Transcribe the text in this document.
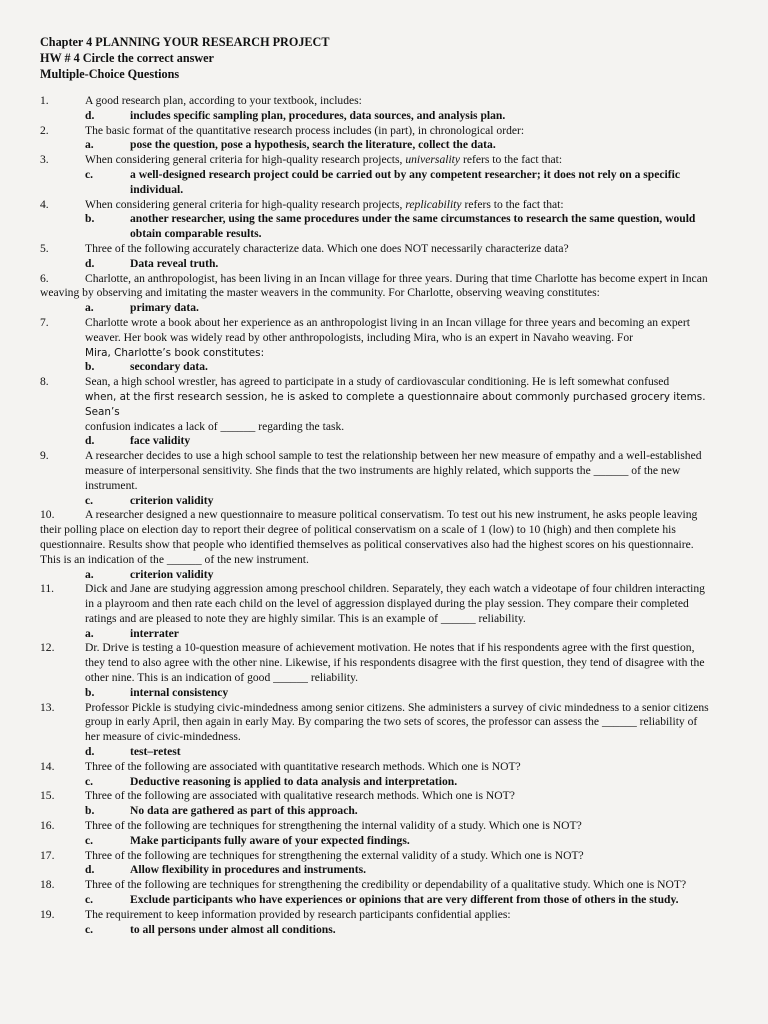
Chapter 4 PLANNING YOUR RESEARCH PROJECT
HW # 4 Circle the correct answer
Multiple-Choice Questions
1.	A good research plan, according to your textbook, includes:
d.	includes specific sampling plan, procedures, data sources, and analysis plan.
2.	The basic format of the quantitative research process includes (in part), in chronological order:
a.	pose the question, pose a hypothesis, search the literature, collect the data.
3.	When considering general criteria for high-quality research projects, universality refers to the fact that:
c.	a well-designed research project could be carried out by any competent researcher; it does not rely on a specific individual.
4.	When considering general criteria for high-quality research projects, replicability refers to the fact that:
b.	another researcher, using the same procedures under the same circumstances to research the same question, would obtain comparable results.
5.	Three of the following accurately characterize data. Which one does NOT necessarily characterize data?
d.	Data reveal truth.
6.	Charlotte, an anthropologist, has been living in an Incan village for three years. During that time Charlotte has become expert in Incan weaving by observing and imitating the master weavers in the community. For Charlotte, observing weaving constitutes:
a.	primary data.
7.	Charlotte wrote a book about her experience as an anthropologist living in an Incan village for three years and becoming an expert weaver. Her book was widely read by other anthropologists, including Mira, who is an expert in Navaho weaving. For
Mira, Charlotte’s book constitutes:
b.	secondary data.
8.	Sean, a high school wrestler, has agreed to participate in a study of cardiovascular conditioning. He is left somewhat confused
when, at the first research session, he is asked to complete a questionnaire about commonly purchased grocery items. Sean’s
confusion indicates a lack of ______ regarding the task.
d.	face validity
9.	A researcher decides to use a high school sample to test the relationship between her new measure of empathy and a well-established measure of interpersonal sensitivity. She finds that the two instruments are highly related, which supports the ______ of the new instrument.
c.	criterion validity
10.	A researcher designed a new questionnaire to measure political conservatism. To test out his new instrument, he asks people leaving their polling place on election day to report their degree of political conservatism on a scale of 1 (low) to 10 (high) and then complete his questionnaire. Results show that people who identified themselves as political conservatives also had the highest scores on his questionnaire. This is an indication of the ______ of the new instrument.
a.	criterion validity
11.	Dick and Jane are studying aggression among preschool children. Separately, they each watch a videotape of four children interacting in a playroom and then rate each child on the level of aggression displayed during the play session. They compare their completed ratings and are pleased to note they are highly similar. This is an example of ______ reliability.
a.	interrater
12.	Dr. Drive is testing a 10-question measure of achievement motivation. He notes that if his respondents agree with the first question, they tend to also agree with the other nine. Likewise, if his respondents disagree with the first question, they tend of disagree with the other nine. This is an indication of good ______ reliability.
b.	internal consistency
13.	Professor Pickle is studying civic-mindedness among senior citizens. She administers a survey of civic mindedness to a senior citizens group in early April, then again in early May. By comparing the two sets of scores, the professor can assess the ______ reliability of her measure of civic-mindedness.
d.	test–retest
14.	Three of the following are associated with quantitative research methods. Which one is NOT?
c.	Deductive reasoning is applied to data analysis and interpretation.
15.	Three of the following are associated with qualitative research methods. Which one is NOT?
b.	No data are gathered as part of this approach.
16.	Three of the following are techniques for strengthening the internal validity of a study. Which one is NOT?
c.	Make participants fully aware of your expected findings.
17.	Three of the following are techniques for strengthening the external validity of a study. Which one is NOT?
d.	Allow flexibility in procedures and instruments.
18.	Three of the following are techniques for strengthening the credibility or dependability of a qualitative study. Which one is NOT?
c.	Exclude participants who have experiences or opinions that are very different from those of others in the study.
19.	The requirement to keep information provided by research participants confidential applies:
c.	to all persons under almost all conditions.
